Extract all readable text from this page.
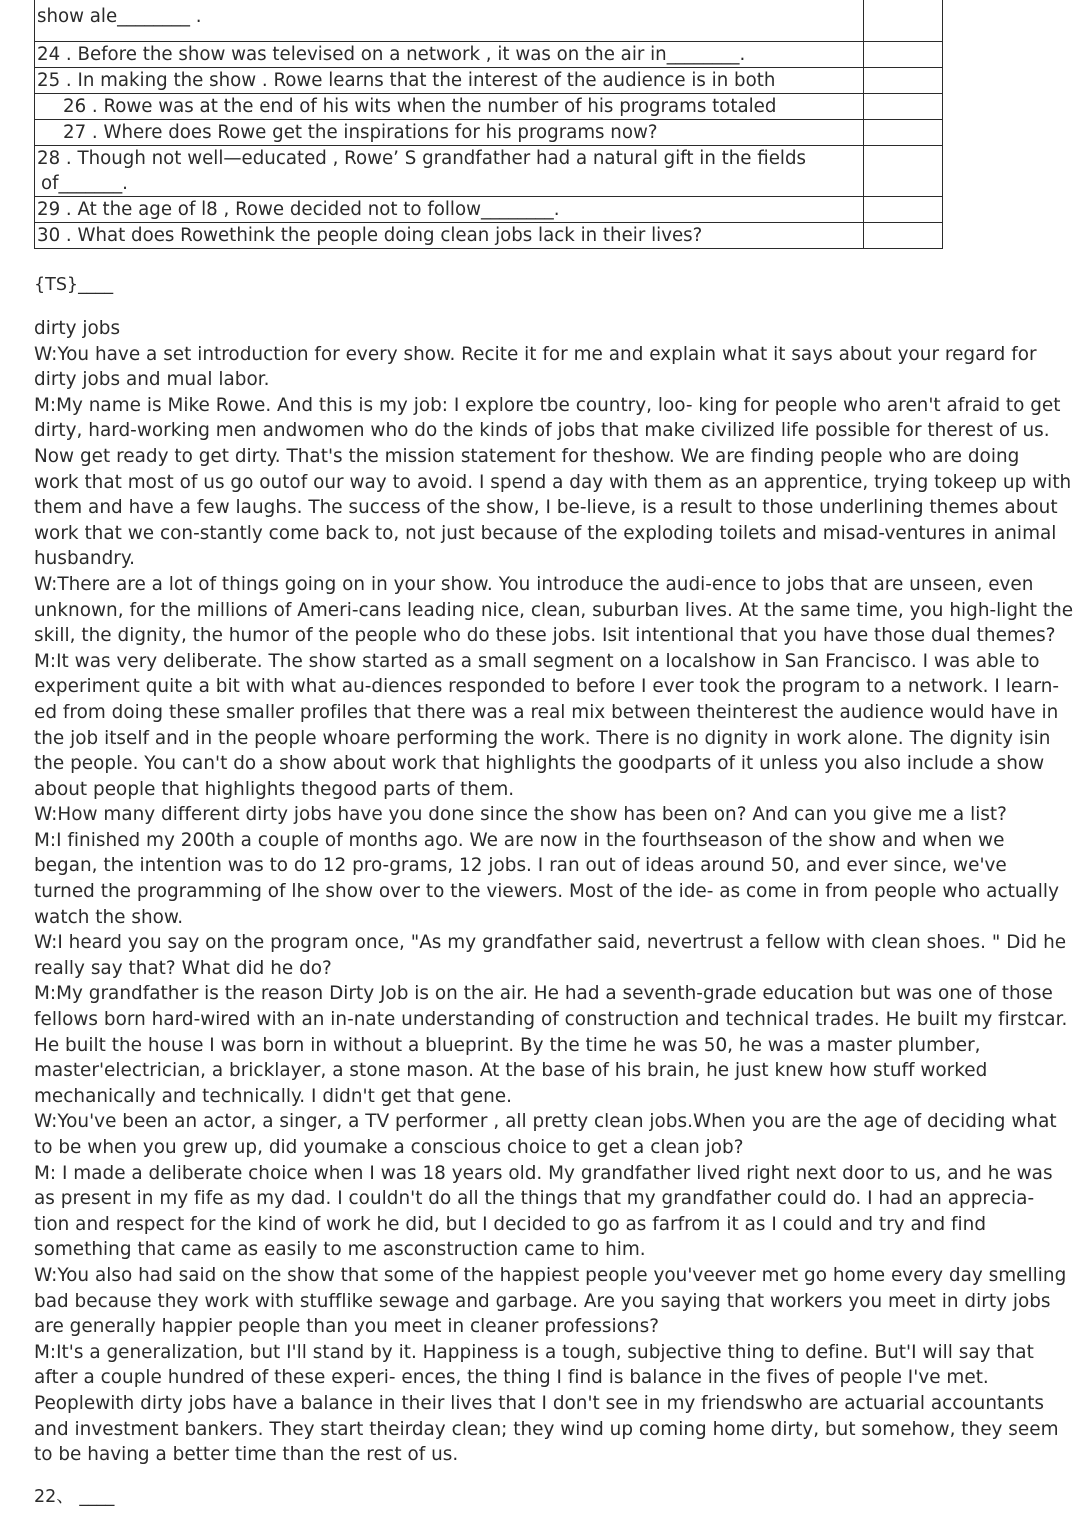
show ale________ .	
24 . Before the show was televised on a network , it was on the air in________.	
25 . In making the show . Rowe learns that the interest of the audience is in both	
26 . Rowe was at the end of his wits when the number of his programs totaled	
27 . Where does Rowe get the inspirations for his programs now?	

28 . Though not well—educated , Rowe’ S grandfather had a natural gift in the fields
of_______.	

29 . At the age of l8 , Rowe decided not to follow________.	
30 . What does Rowethink the people doing clean jobs lack in their lives?	
{TS}____
dirty jobs
W:You have a set introduction for every show. Recite it for me and explain what it says about your regard for
dirty jobs and mual labor.
M:My name is Mike Rowe. And this is my job: I explore tbe country, loo- king for people who aren't afraid to get
dirty, hard-working men andwomen who do the kinds of jobs that make civilized life possible for therest of us.
Now get ready to get dirty. That's the mission statement for theshow. We are finding people who are doing
work that most of us go outof our way to avoid. I spend a day with them as an apprentice, trying tokeep up with
them and have a few laughs. The success of the show, I be-lieve, is a result to those underlining themes about
work that we con-stantly come back to, not just because of the exploding toilets and misad-ventures in animal
husbandry.
W:There are a lot of things going on in your show. You introduce the audi-ence to jobs that are unseen, even
unknown, for the millions of Ameri-cans leading nice, clean, suburban lives. At the same time, you high-light the
skill, the dignity, the humor of the people who do these jobs. Isit intentional that you have those dual themes?
M:It was very deliberate. The show started as a small segment on a localshow in San Francisco. I was able to
experiment quite a bit with what au-diences responded to before I ever took the program to a network. I learn-
ed from doing these smaller profiles that there was a real mix between theinterest the audience would have in
the job itself and in the people whoare performing the work. There is no dignity in work alone. The dignity isin
the people. You can't do a show about work that highlights the goodparts of it unless you also include a show
about people that highlights thegood parts of them.
W:How many different dirty jobs have you done since the show has been on? And can you give me a list?
M:I finished my 200th a couple of months ago. We are now in the fourthseason of the show and when we
began, the intention was to do 12 pro-grams, 12 jobs. I ran out of ideas around 50, and ever since, we've
turned the programming of lhe show over to the viewers. Most of the ide- as come in from people who actually
watch the show.
W:I heard you say on the program once, "As my grandfather said, nevertrust a fellow with clean shoes. " Did he
really say that? What did he do?
M:My grandfather is the reason Dirty Job is on the air. He had a seventh-grade education but was one of those
fellows born hard-wired with an in-nate understanding of construction and technical trades. He built my firstcar.
He built the house I was born in without a blueprint. By the time he was 50, he was a master plumber,
master'electrician, a bricklayer, a stone mason. At the base of his brain, he just knew how stuff worked
mechanically and technically. I didn't get that gene.
W:You've been an actor, a singer, a TV performer , all pretty clean jobs.When you are the age of deciding what
to be when you grew up, did youmake a conscious choice to get a clean job?
M: I made a deliberate choice when I was 18 years old. My grandfather lived right next door to us, and he was
as present in my fife as my dad. I couldn't do all the things that my grandfather could do. I had an apprecia-
tion and respect for the kind of work he did, but I decided to go as farfrom it as I could and try and find
something that came as easily to me asconstruction came to him.
W:You also had said on the show that some of the happiest people you'veever met go home every day smelling
bad because they work with stufflike sewage and garbage. Are you saying that workers you meet in dirty jobs
are generally happier people than you meet in cleaner professions?
M:It's a generalization, but I'll stand by it. Happiness is a tough, subjective thing to define. But'I will say that
after a couple hundred of these experi- ences, the thing I find is balance in the fives of people I've met.
Peoplewith dirty jobs have a balance in their lives that I don't see in my friendswho are actuarial accountants
and investment bankers. They start theirday clean; they wind up coming home dirty, but somehow, they seem
to be having a better time than the rest of us.
22、 ____
